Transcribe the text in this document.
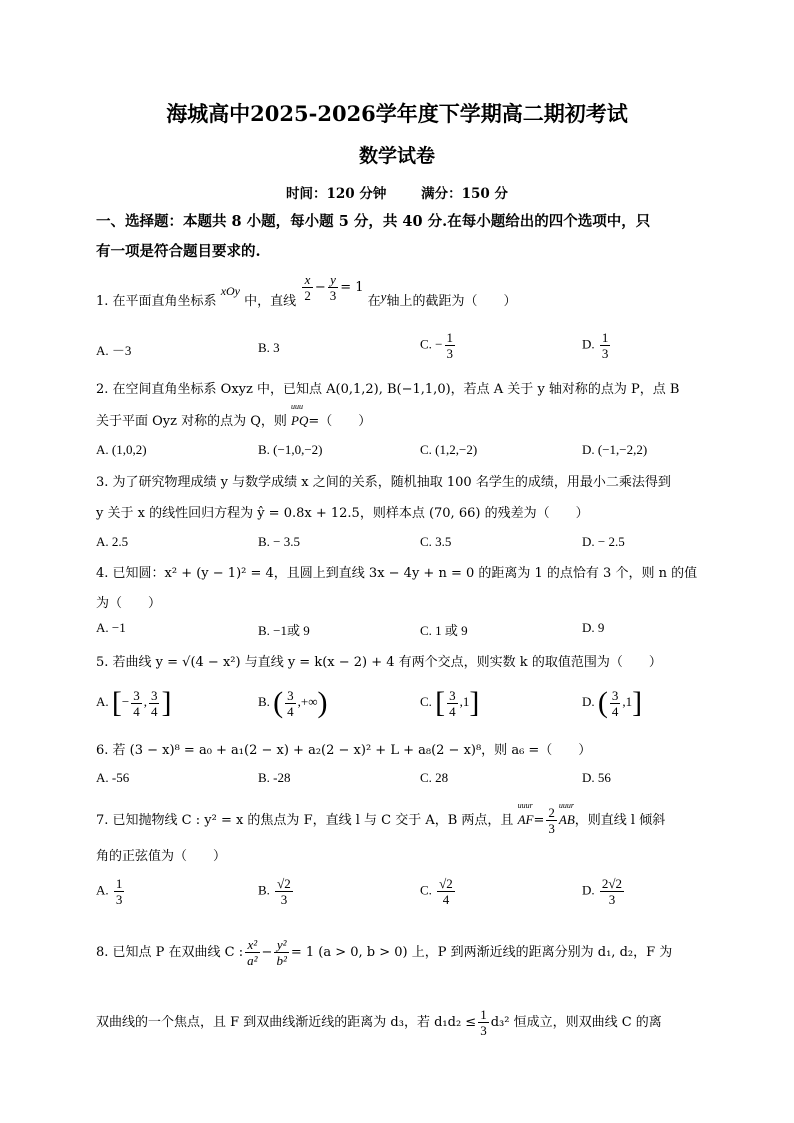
海城高中2025-2026学年度下学期高二期初考试
数学试卷
时间：120 分钟	满分：150 分
一、选择题：本题共 8 小题，每小题 5 分，共 40 分.在每小题给出的四个选项中，只
有一项是符合题目要求的.
1. 在平面直角坐标系 xOy 中，直线 $\frac{x}{2} - \frac{y}{3} = 1$ 在y轴上的截距为（　　）
A. －3	B. 3	C. − $\frac{1}{3}$	D. $\frac{1}{3}$
2. 在空间直角坐标系 Oxyz 中，已知点 A(0,1,2), B(−1,1,0)，若点 A 关于 y 轴对称的点为 P，点 B
关于平面 Oyz 对称的点为 Q，则
uuu
PQ=（　　）
A. (1,0,2)	B. (−1,0,−2)	C. (1,2,−2)	D. (−1,−2,2)
3. 为了研究物理成绩 y 与数学成绩 x 之间的关系，随机抽取 100 名学生的成绩，用最小二乘法得到
y 关于 x 的线性回归方程为 ŷ = 0.8x + 12.5，则样本点 (70, 66) 的残差为（　　）
A. 2.5	B. − 3.5	C. 3.5	D. − 2.5
4. 已知圆：x² + (y − 1)² = 4，且圆上到直线 3x − 4y + n = 0 的距离为 1 的点恰有 3 个，则 n 的值
为（　　）
A. −1	B. −1或 9	C. 1 或 9	D. 9
5. 若曲线 y = √(4 − x²) 与直线 y = k(x − 2) + 4 有两个交点，则实数 k 的取值范围为（　　）
A. [− $\frac{3}{4}$ , $\frac{3}{4}$ ]	B. ( $\frac{3}{4}$ ,+∞)	C. [ $\frac{3}{4} ,1$]	D. ( $\frac{3}{4} ,1$]
6. 若 (3 − x)⁸ = a₀ + a₁(2 − x) + a₂(2 − x)² + L + a₈(2 − x)⁸，则 a₆ =（　　）
A. -56	B. -28	C. 28	D. 56
7. 已知抛物线 C : y² = x 的焦点为 F，直线 l 与 C 交于 A，B 两点，且
uuur
$AF= \frac{2}{3}$ uuur
AB，则直线 l 倾斜
角的正弦值为（　　）
A. $\frac{1}{3}$	B. $\frac{√2}{3}$	C. $\frac{√2}{4}$	D. $\frac{2√2}{3}$
8. 已知点 P 在双曲线 C : $\frac{\text{x²}}{\text{a²}} - \frac{\text{y²}}{\text{b²}} = 1$ (a > 0, b > 0) 上，P 到两渐近线的距离分别为 d₁, d₂，F 为
双曲线的一个焦点，且 F 到双曲线渐近线的距离为 d₃，若 $d_1d_2 \le \frac{1}{3} d_3^2$ 恒成立，则双曲线 C 的离
